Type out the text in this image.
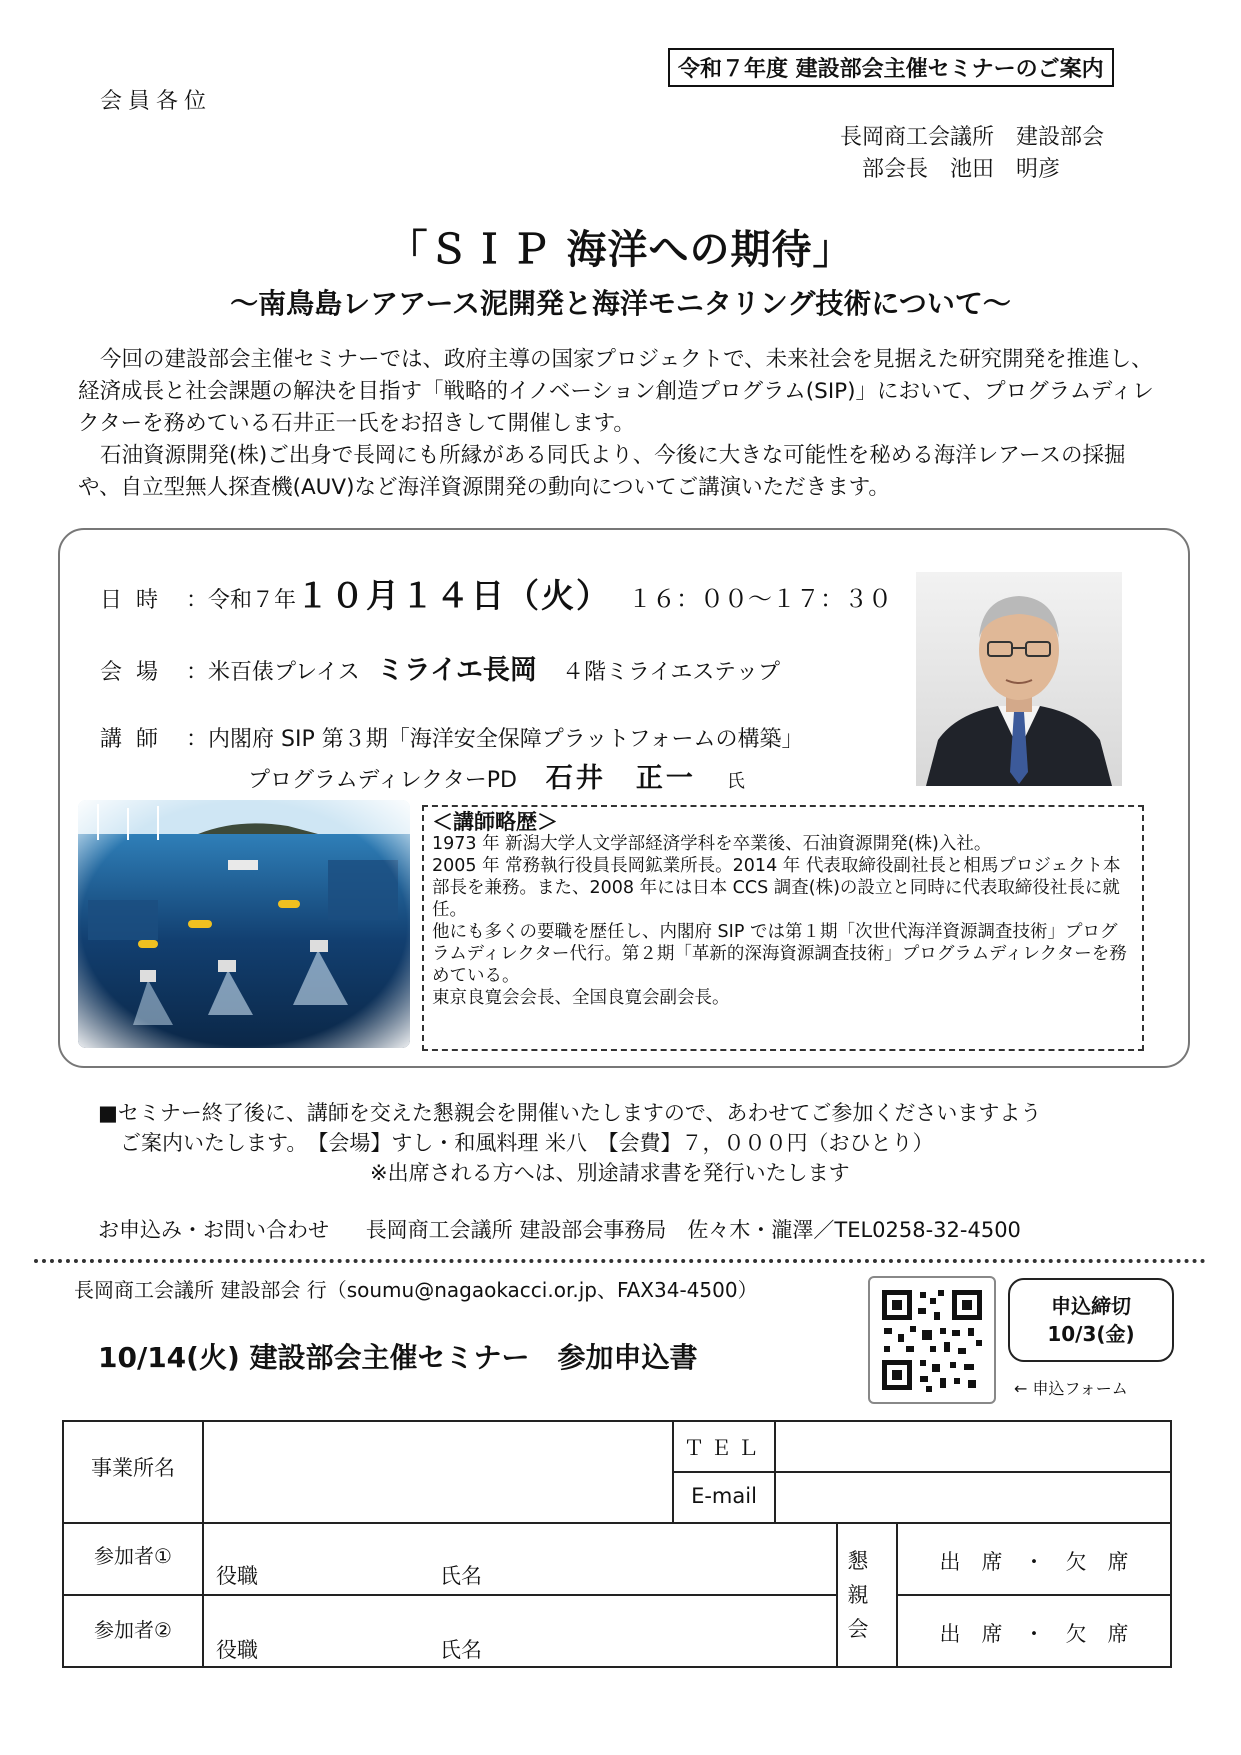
令和７年度 建設部会主催セミナーのご案内
会員各位
長岡商工会議所　建設部会
部会長　池田　明彦
「ＳＩＰ 海洋への期待」
～南鳥島レアアース泥開発と海洋モニタリング技術について～

今回の建設部会主催セミナーでは、政府主導の国家プロジェクトで、未来社会を見据えた研究開発を推進し、経済成長と社会課題の解決を目指す「戦略的イノベーション創造プログラム(SIP)」において、プログラムディレクターを務めている石井正一氏をお招きして開催します。

石油資源開発(株)ご出身で長岡にも所縁がある同氏より、今後に大きな可能性を秘める海洋レアースの採掘や、自立型無人探査機(AUV)など海洋資源開発の動向についてご講演いただきます。

日時 ：令和７年１０月１４日（火） １６：００～１７：３０
会場 ：米百俵プレイス ミライエ長岡 ４階ミライエステップ
講師 ：内閣府 SIP 第３期「海洋安全保障プラットフォームの構築」
プログラムディレクターPD 石井　正一 氏
＜講師略歴＞

1973 年 新潟大学人文学部経済学科を卒業後、石油資源開発(株)入社。

2005 年 常務執行役員長岡鉱業所長。2014 年 代表取締役副社長と相馬プロジェクト本部長を兼務。また、2008 年には日本 CCS 調査(株)の設立と同時に代表取締役社長に就任。

他にも多くの要職を歴任し、内閣府 SIP では第１期「次世代海洋資源調査技術」プログラムディレクター代行。第２期「革新的深海資源調査技術」プログラムディレクターを務めている。

東京良寛会会長、全国良寛会副会長。

■セミナー終了後に、講師を交えた懇親会を開催いたしますので、あわせてご参加くださいますよう

ご案内いたします。　【会場】すし・和風料理 米八　【会費】７，０００円（おひとり）

※出席される方へは、別途請求書を発行いたします

お申込み・お問い合わせ 長岡商工会議所 建設部会事務局　佐々木・瀧澤／TEL0258-32-4500
長岡商工会議所 建設部会 行（soumu@nagaokacci.or.jp、FAX34-4500）
10/14(火) 建設部会主催セミナー　参加申込書
申込締切
10/3(金)
← 申込フォーム
事業所名
ＴＥＬ
E-mail
参加者①
役職	氏名
参加者②
役職	氏名
懇親会
出　席　・　欠　席
出　席　・　欠　席
